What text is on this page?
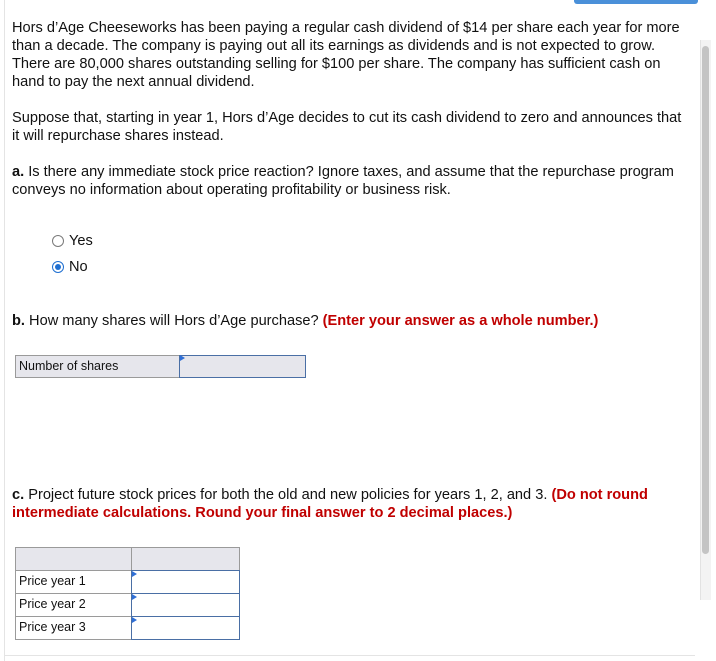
Hors d’Age Cheeseworks has been paying a regular cash dividend of $14 per share each year for more than a decade. The company is paying out all its earnings as dividends and is not expected to grow. There are 80,000 shares outstanding selling for $100 per share. The company has sufficient cash on hand to pay the next annual dividend.

Suppose that, starting in year 1, Hors d’Age decides to cut its cash dividend to zero and announces that it will repurchase shares instead.

a. Is there any immediate stock price reaction? Ignore taxes, and assume that the repurchase program conveys no information about operating profitability or business risk.

Yes
No

b. How many shares will Hors d’Age purchase? (Enter your answer as a whole number.)

Number of shares

c. Project future stock prices for both the old and new policies for years 1, 2, and 3. (Do not round intermediate calculations. Round your final answer to 2 decimal places.)

Price year 1
Price year 2
Price year 3
